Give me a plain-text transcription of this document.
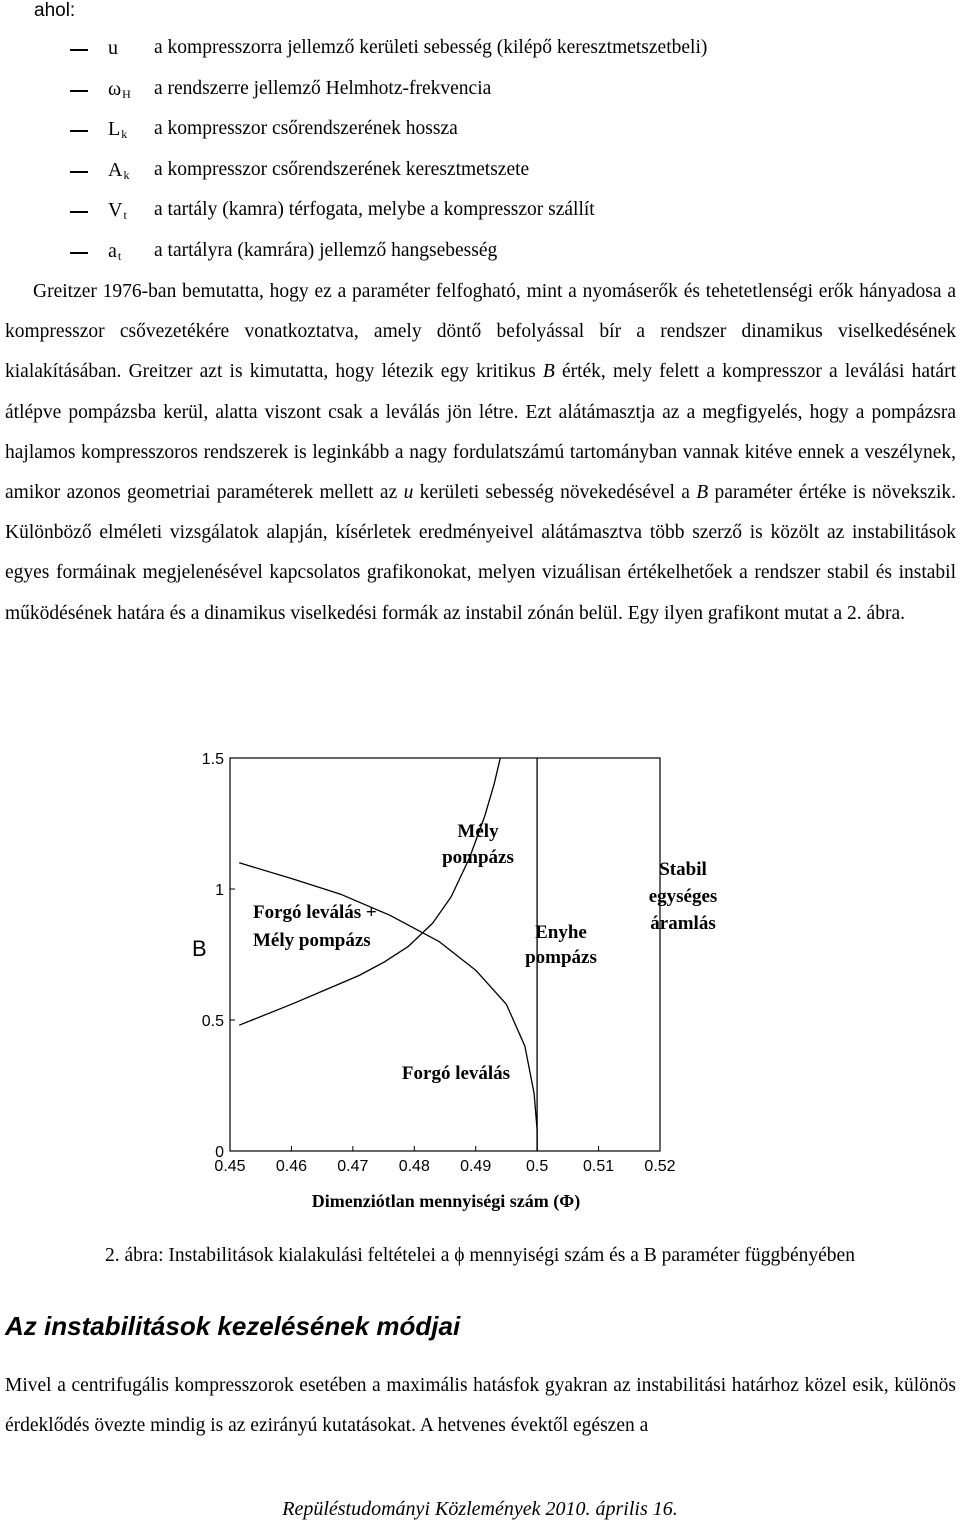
ahol:
u a kompresszorra jellemző kerületi sebesség (kilépő keresztmetszetbeli)
$\omega_H$ a rendszerre jellemző Helmhotz-frekvencia
$L_k$ a kompresszor csőrendszerének hossza
$A_k$ a kompresszor csőrendszerének keresztmetszete
$V_t$ a tartály (kamra) térfogata, melybe a kompresszor szállít
$a_t$ a tartályra (kamrára) jellemző hangsebesség
Greitzer 1976-ban bemutatta, hogy ez a paraméter felfogható, mint a nyomáserők és tehetetlenségi erők hányadosa a kompresszor csővezetékére vonatkoztatva, amely döntő befolyással bír a rendszer dinamikus viselkedésének kialakításában. Greitzer azt is kimutatta, hogy létezik egy kritikus B érték, mely felett a kompresszor a leválási határt átlépve pompázsba kerül, alatta viszont csak a leválás jön létre. Ezt alátámasztja az a megfigyelés, hogy a pompázsra hajlamos kompresszoros rendszerek is leginkább a nagy fordulatszámú tartományban vannak kitéve ennek a veszélynek, amikor azonos geometriai paraméterek mellett az u kerületi sebesség növekedésével a B paraméter értéke is növekszik. Különböző elméleti vizsgálatok alapján, kísérletek eredményeivel alátámasztva több szerző is közölt az instabilitások egyes formáinak megjelenésével kapcsolatos grafikonokat, melyen vizuálisan értékelhetőek a rendszer stabil és instabil működésének határa és a dinamikus viselkedési formák az instabil zónán belül. Egy ilyen grafikont mutat a 2. ábra.
0
0.5
1
1.5
0.45 0.46 0.47 0.48 0.49 0.5 0.51 0.52
B
Dimenziótlan mennyiségi szám (Φ)
Mély
pompázs
Stabil
egységes
áramlás
Forgó leválás +
Mély pompázs	Enyhe
pompázs
Forgó leválás
2. ábra: Instabilitások kialakulási feltételei a ϕ mennyiségi szám és a B paraméter függbényében
Az instabilitások kezelésének módjai
Mivel a centrifugális kompresszorok esetében a maximális hatásfok gyakran az instabilitási határhoz közel esik, különös érdeklődés övezte mindig is az ezirányú kutatásokat. A hetvenes évektől egészen a
Repüléstudományi Közlemények 2010. április 16.
